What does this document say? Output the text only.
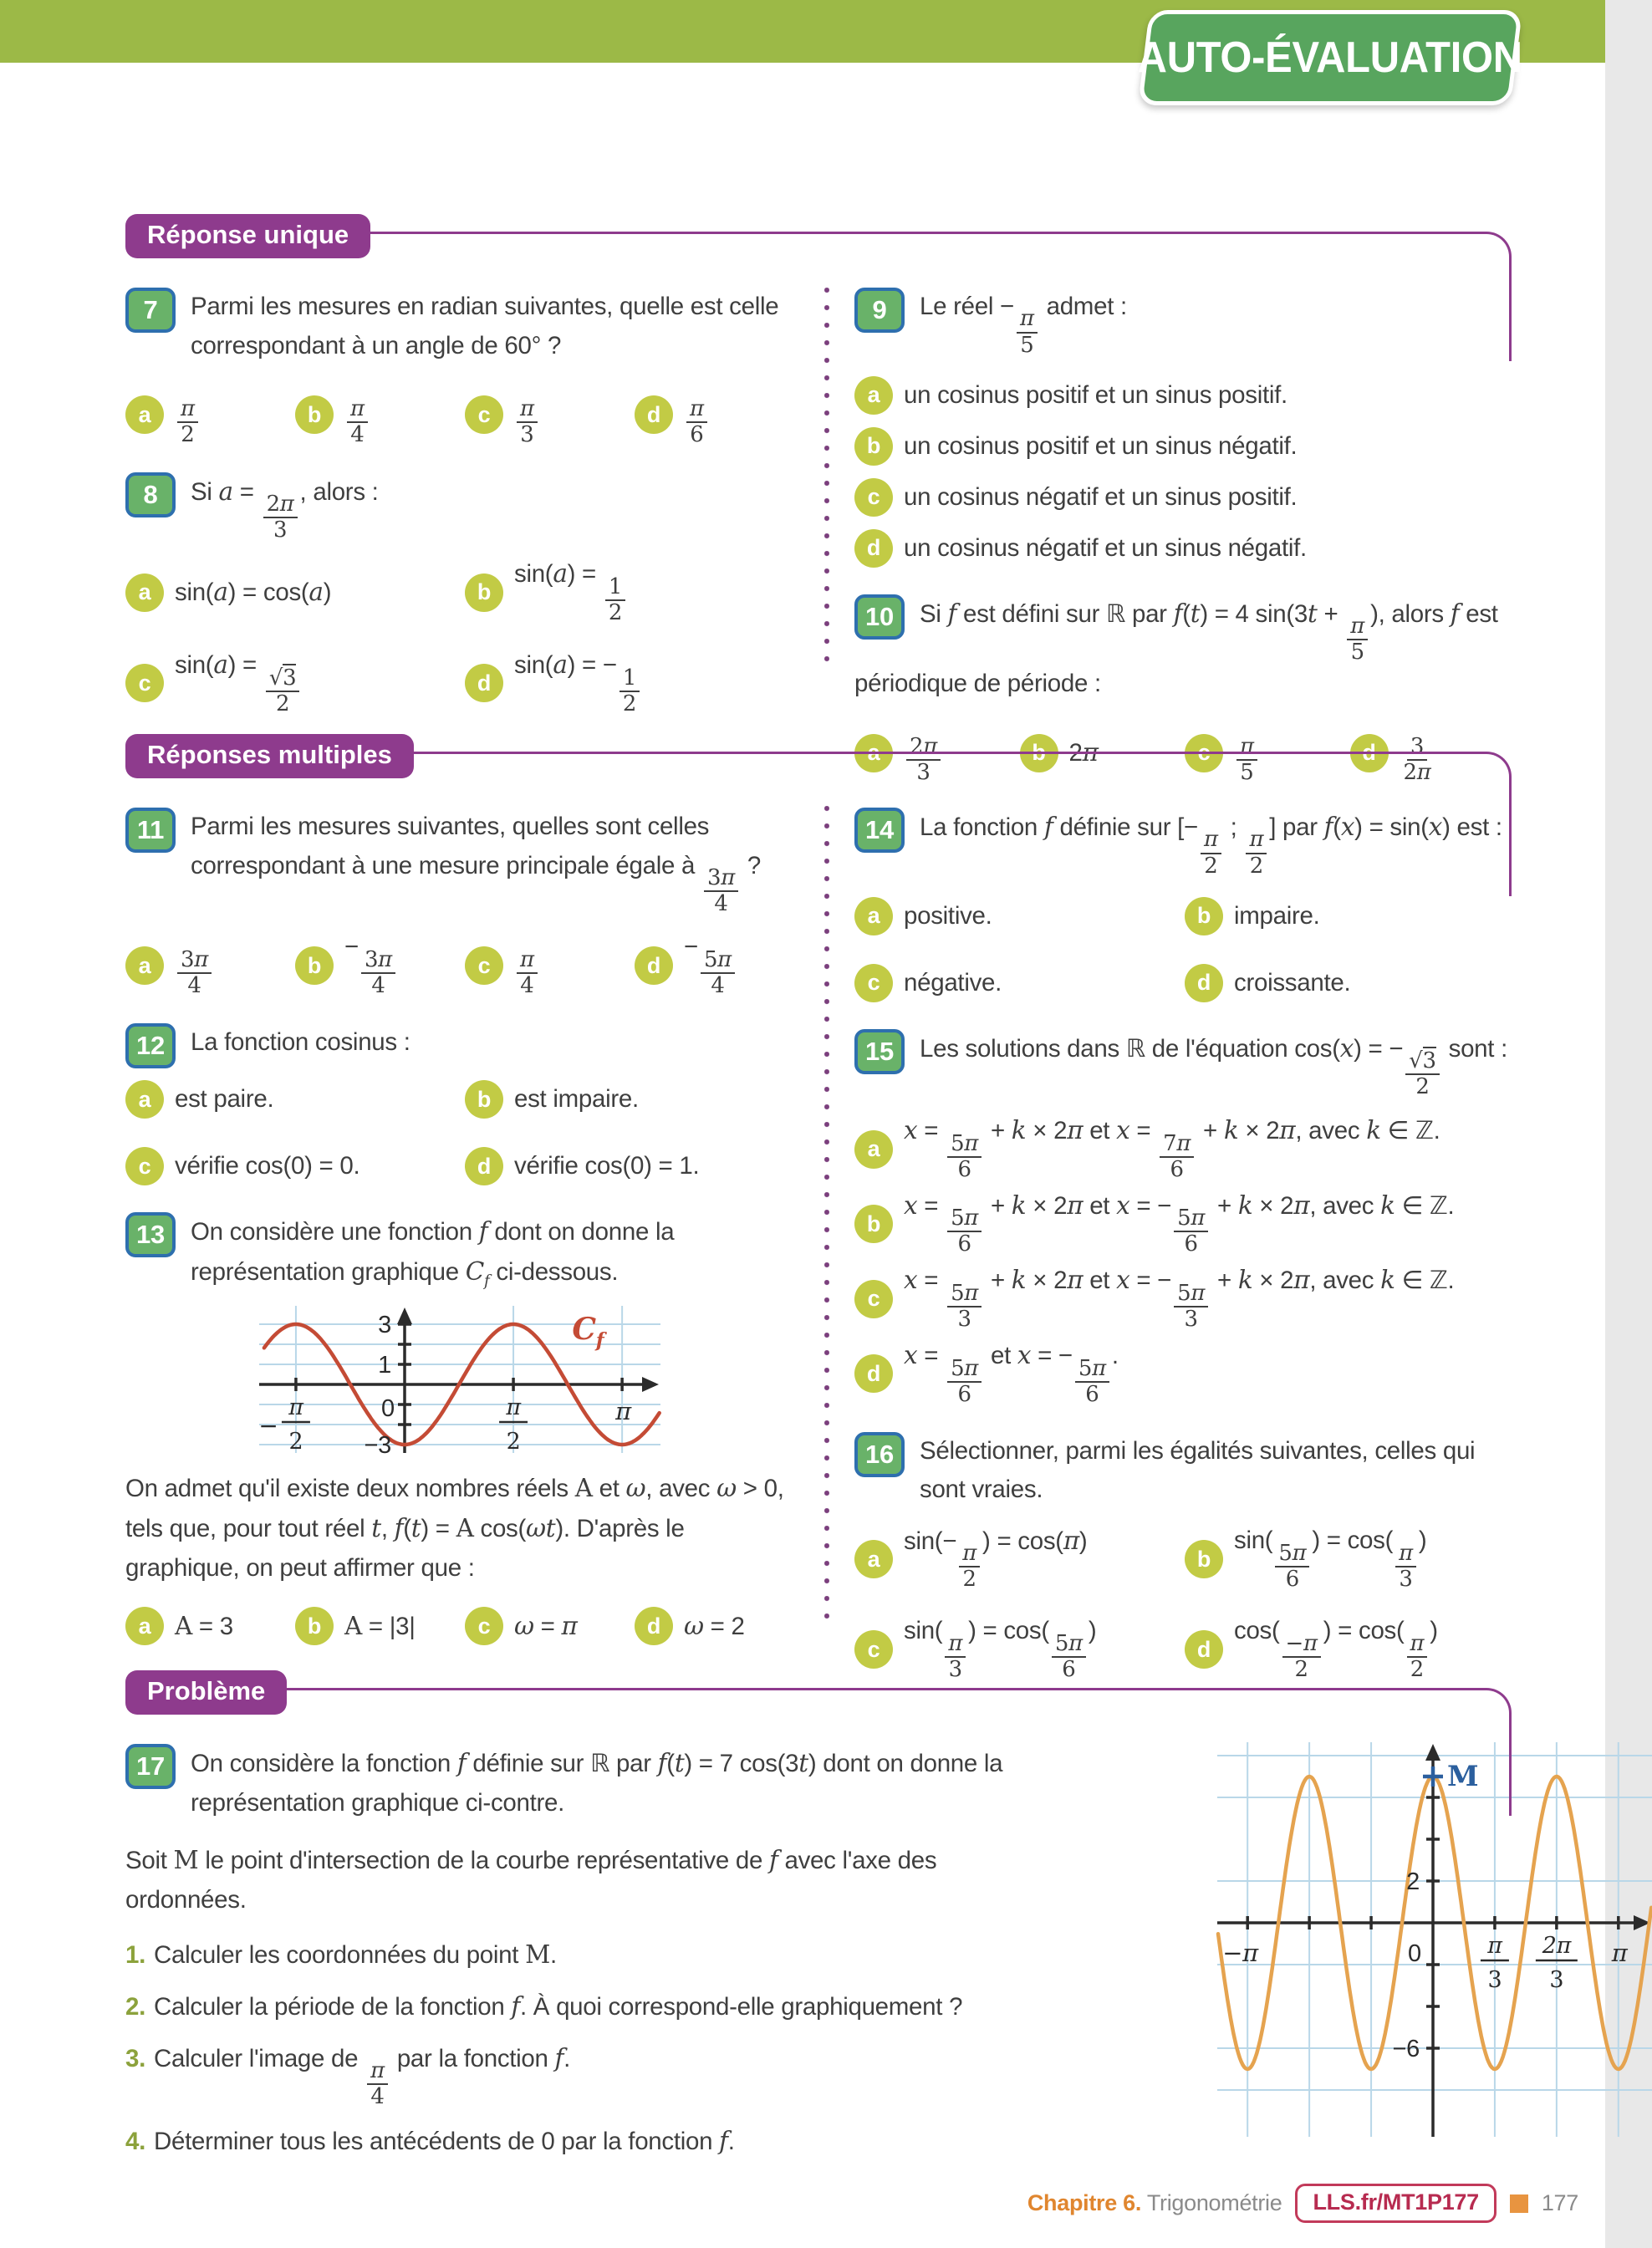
AUTO-ÉVALUATION
Réponse unique
7	Parmi les mesures en radian suivantes, quelle est celle correspondant à un angle de 60° ?
a	$\frac{\pi}{2}$	b	$\frac{\pi}{4}$	c	$\frac{\pi}{3}$	d	$\frac{\pi}{6}$
8	Si a =
$\frac{2\pi}{3}$
, alors :
a sin(a) = cos(a)	b
sin(a) =
$\frac{1}{2}$
c
sin(a) =
$\frac{√3}{2}$	d
sin(a) = −
$\frac{1}{2}$
9	Le réel −
$\frac{\pi}{5}$
admet :
a un cosinus positif et un sinus positif.
b un cosinus positif et un sinus négatif.
c un cosinus négatif et un sinus positif.
d un cosinus négatif et un sinus négatif.
10	Si f est défini sur ℝ par f(t) = 4 sin(3t +
$\frac{\pi}{5}$
), alors f est périodique de période :
a	$\frac{2\pi}{3}$	b 2π	c	$\frac{\pi}{5}$	d	$\frac{3}{2\pi}$
Réponses multiples
11	Parmi les mesures suivantes, quelles sont celles correspondant à une mesure principale égale à
$\frac{3\pi}{4}$
?
a	$\frac{3\pi}{4}$	b
−
$\frac{3\pi}{4}$	c	$\frac{\pi}{4}$	d
−
$\frac{5\pi}{4}$
12	La fonction cosinus :
a est paire.	b est impaire.
c vérifie cos(0) = 0.	d vérifie cos(0) = 1.
13	On considère une fonction f dont on donne la représentation graphique $C_f$ ci-dessous.
π
2
−
0	π
2
π
3
1
−3
$C_f$
On admet qu'il existe deux nombres réels A et ω, avec ω > 0, tels que, pour tout réel t, f(t) = A cos(ωt). D'après le graphique, on peut affirmer que :
a A = 3	b A = |3|	c ω = π	d ω = 2
14	La fonction f définie sur [−
$\frac{\pi}{2}$
;
$\frac{\pi}{2}$
] par f(x) = sin(x) est :
a positive.	b impaire.
c négative.	d croissante.
15	Les solutions dans ℝ de l'équation cos(x) = −
$\frac{√3}{2}$
sont :
a
x =
$\frac{5\pi}{6}$
+ k × 2π et x =
$\frac{7\pi}{6}$
+ k × 2π, avec k ∈ ℤ.
b
x =
$\frac{5\pi}{6}$
+ k × 2π et x = −
$\frac{5\pi}{6}$
+ k × 2π, avec k ∈ ℤ.
c
x =
$\frac{5\pi}{3}$
+ k × 2π et x = −
$\frac{5\pi}{3}$
+ k × 2π, avec k ∈ ℤ.
d
x =
$\frac{5\pi}{6}$
et x = −
$\frac{5\pi}{6}$
.
16	Sélectionner, parmi les égalités suivantes, celles qui sont vraies.
a
sin(−
$\frac{\pi}{2}$
) = cos(π)
b
sin(
$\frac{5\pi}{6}$
) = cos(
$\frac{\pi}{3}$
)
c
sin(
$\frac{\pi}{3}$
) = cos(
$\frac{5\pi}{6}$
)
d
cos(
$\frac{-\pi}{2}$
) = cos(
$\frac{\pi}{2}$
)
Problème
17	On considère la fonction f définie sur ℝ par f(t) = 7 cos(3t) dont on donne la représentation graphique ci-contre.
Soit M le point d'intersection de la courbe représentative de f avec l'axe des ordonnées.
1. Calculer les coordonnées du point M.
2. Calculer la période de la fonction f. À quoi correspond-elle graphiquement ?
3. Calculer l'image de
$\frac{\pi}{4}$
par la fonction f.
4. Déterminer tous les antécédents de 0 par la fonction f.
−π	0	π
3
2π
3
π
2
−6
M
Chapitre 6. Trigonométrie	LLS.fr/MT1P177	177
